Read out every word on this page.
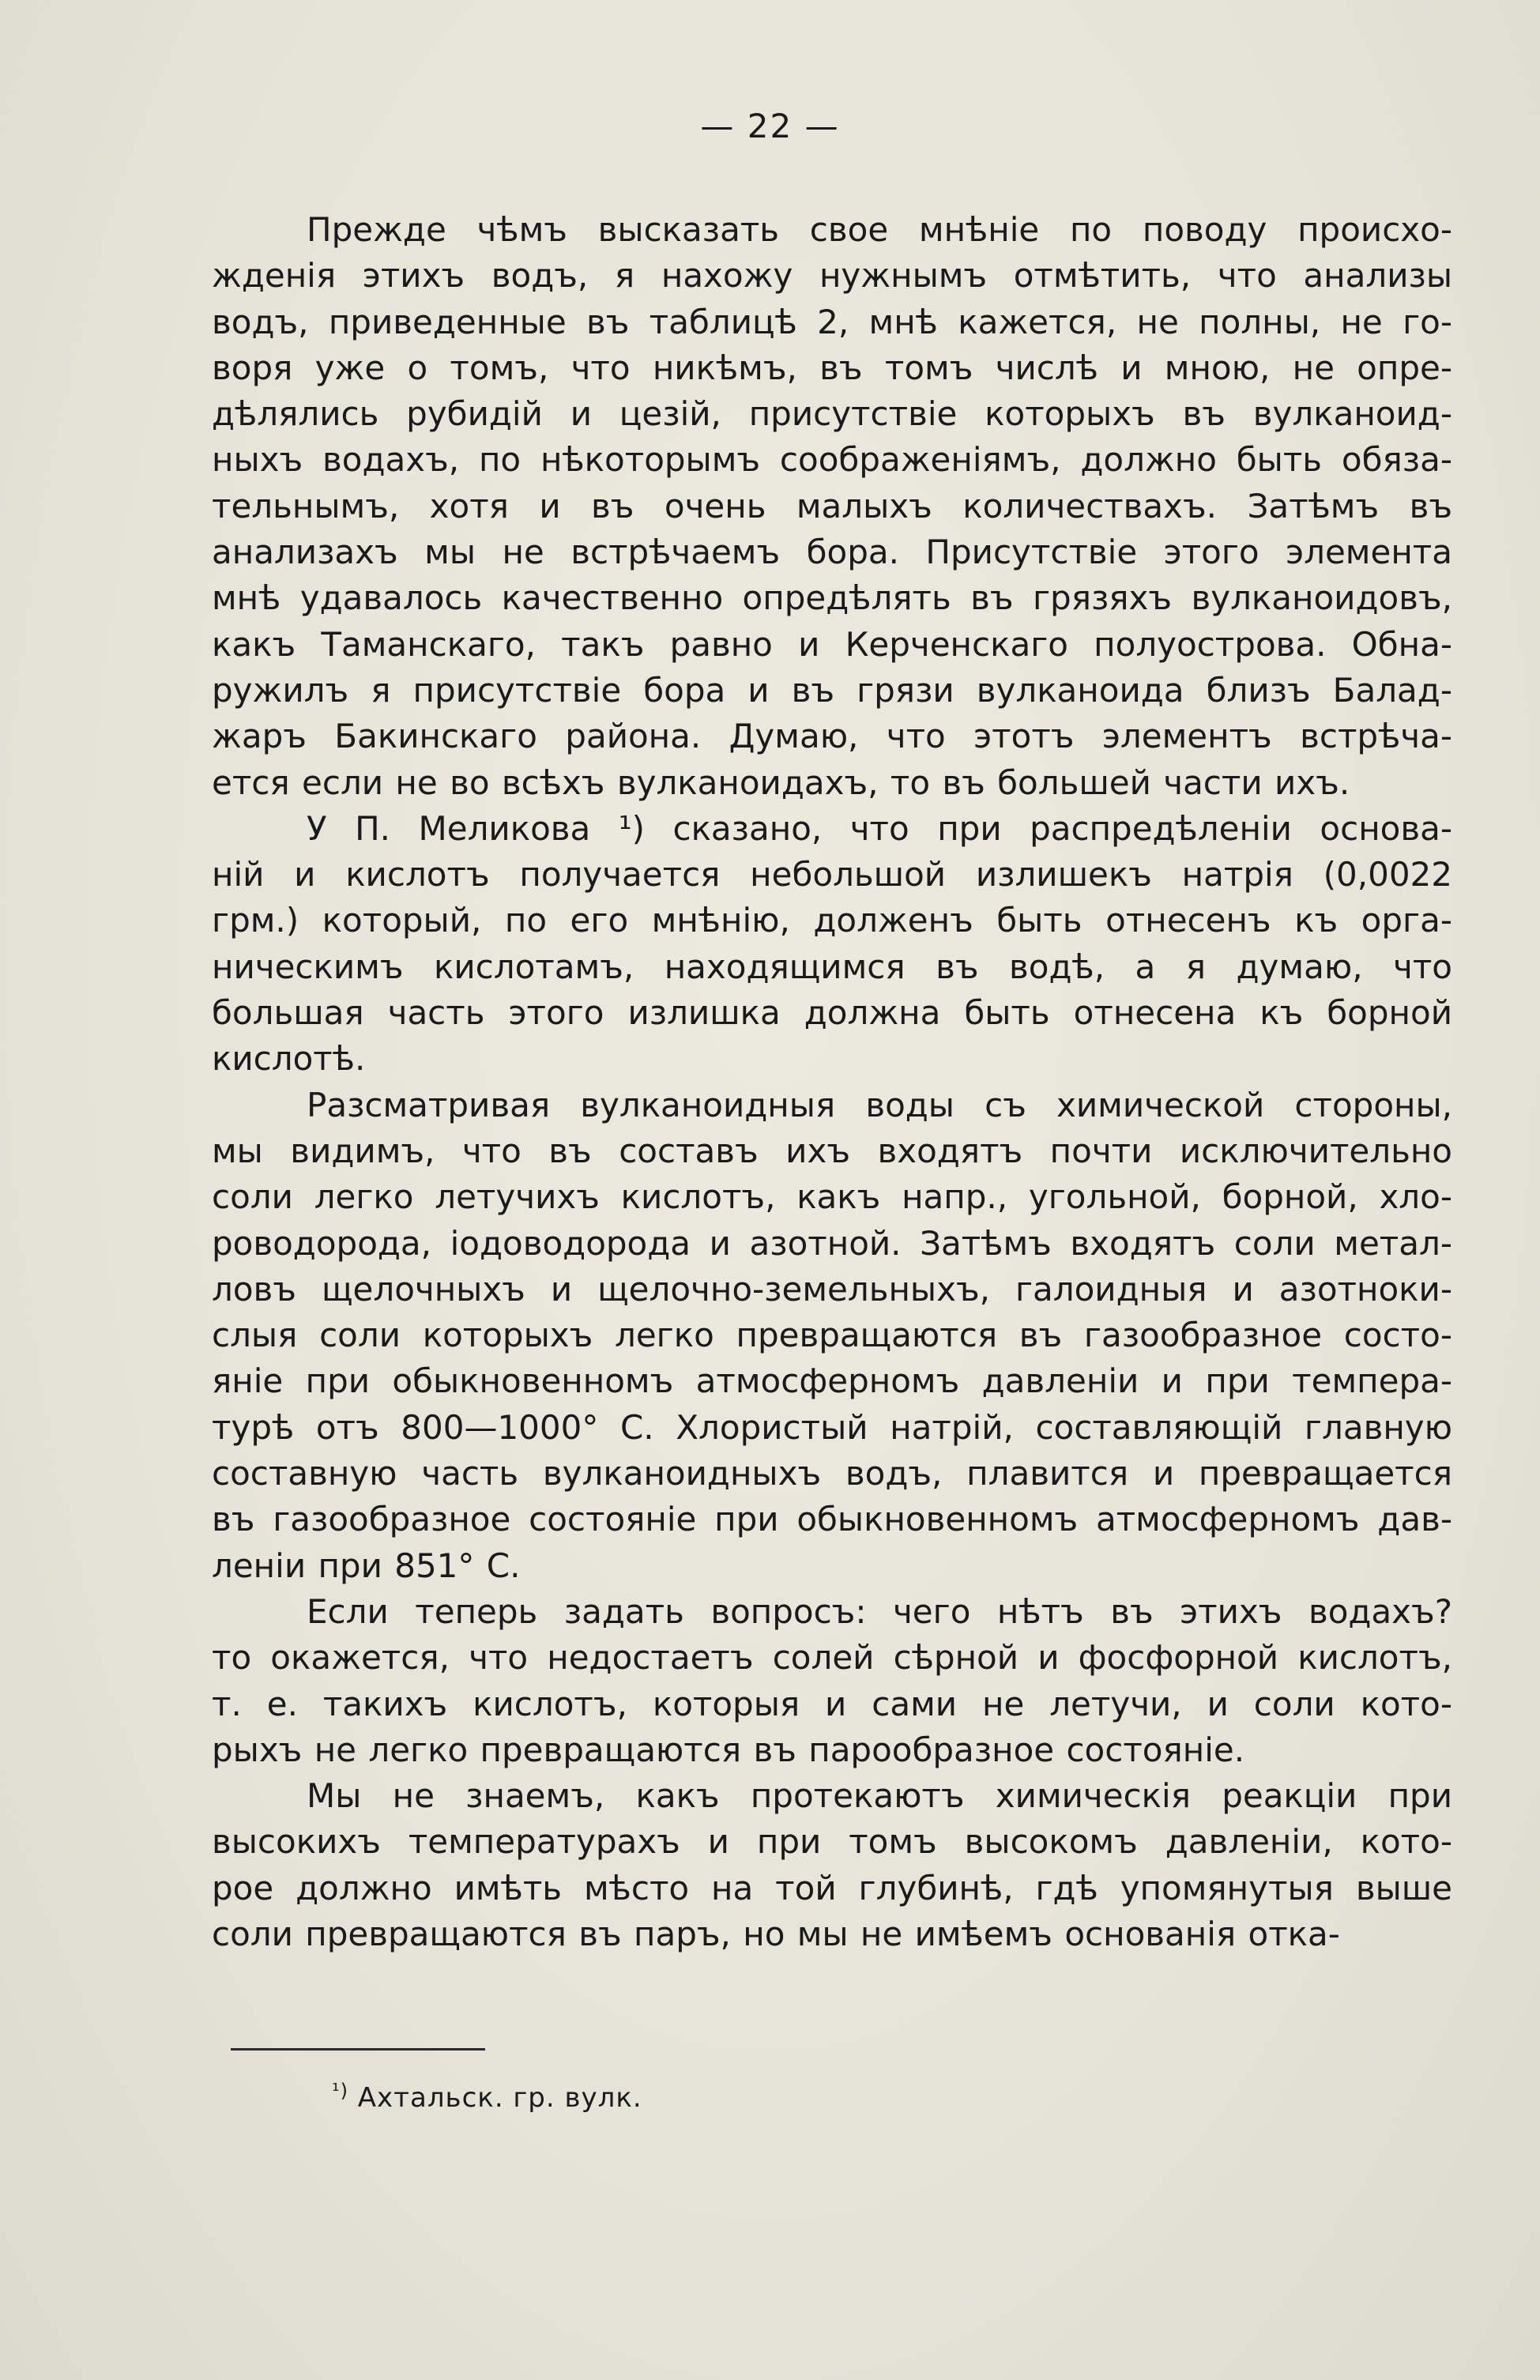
— 22 —
Прежде чѣмъ высказать свое мнѣніе по поводу происхо-
жденія этихъ водъ, я нахожу нужнымъ отмѣтить, что анализы
водъ, приведенные въ таблицѣ 2, мнѣ кажется, не полны, не го-
воря уже о томъ, что никѣмъ, въ томъ числѣ и мною, не опре-
дѣлялись рубидій и цезій, присутствіе которыхъ въ вулканоид-
ныхъ водахъ, по нѣкоторымъ соображеніямъ, должно быть обяза-
тельнымъ, хотя и въ очень малыхъ количествахъ. Затѣмъ въ
анализахъ мы не встрѣчаемъ бора. Присутствіе этого элемента
мнѣ удавалось качественно опредѣлять въ грязяхъ вулканоидовъ,
какъ Таманскаго, такъ равно и Керченскаго полуострова. Обна-
ружилъ я присутствіе бора и въ грязи вулканоида близъ Балад-
жаръ Бакинскаго района. Думаю, что этотъ элементъ встрѣча-
ется если не во всѣхъ вулканоидахъ, то въ большей части ихъ.
У П. Меликова ¹) сказано, что при распредѣленіи основа-
ній и кислотъ получается небольшой излишекъ натрія (0,0022
грм.) который, по его мнѣнію, долженъ быть отнесенъ къ орга-
ническимъ кислотамъ, находящимся въ водѣ, а я думаю, что
большая часть этого излишка должна быть отнесена къ борной
кислотѣ.
Разсматривая вулканоидныя воды съ химической стороны,
мы видимъ, что въ составъ ихъ входятъ почти исключительно
соли легко летучихъ кислотъ, какъ напр., угольной, борной, хло-
роводорода, іодоводорода и азотной. Затѣмъ входятъ соли метал-
ловъ щелочныхъ и щелочно-земельныхъ, галоидныя и азотноки-
слыя соли которыхъ легко превращаются въ газообразное состо-
яніе при обыкновенномъ атмосферномъ давленіи и при темпера-
турѣ отъ 800—1000° С. Хлористый натрій, составляющій главную
составную часть вулканоидныхъ водъ, плавится и превращается
въ газообразное состояніе при обыкновенномъ атмосферномъ дав-
леніи при 851° С.
Если теперь задать вопросъ: чего нѣтъ въ этихъ водахъ?
то окажется, что недостаетъ солей сѣрной и фосфорной кислотъ,
т. е. такихъ кислотъ, которыя и сами не летучи, и соли кото-
рыхъ не легко превращаются въ парообразное состояніе.
Мы не знаемъ, какъ протекаютъ химическія реакціи при
высокихъ температурахъ и при томъ высокомъ давленіи, кото-
рое должно имѣть мѣсто на той глубинѣ, гдѣ упомянутыя выше
соли превращаются въ паръ, но мы не имѣемъ основанія отка-
$^{^1)}$ Ахтальск. гр. вулк.
